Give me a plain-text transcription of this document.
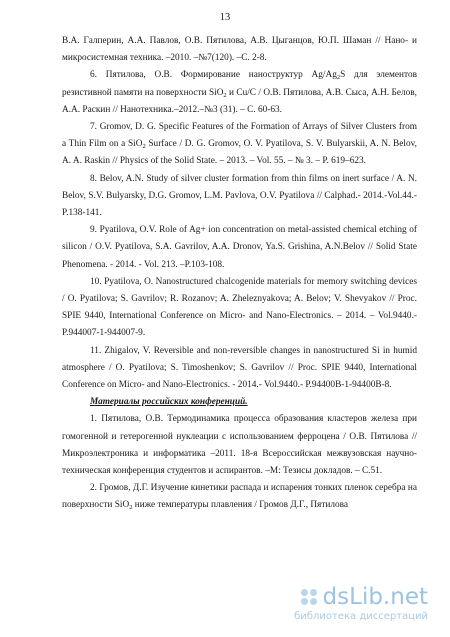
13

В.А. Галперин, А.А. Павлов, О.В. Пятилова, А.В. Цыганцов, Ю.П. Шаман // Нано- и микросистемная техника. –2010. –№7(120). –С. 2-8.

6. Пятилова, О.В. Формирование наноструктур $Ag/Ag_2S$ для элементов резистивной памяти на поверхности SiO$_2$ и Cu/C / О.В. Пятилова, А.В. Сыса, А.Н. Белов, А.А. Раскин // Нанотехника.–2012.–№3 (31). – С. 60-63.

7. Gromov, D. G. Specific Features of the Formation of Arrays of Silver Clusters from a Thin Film on a SiO$_2$ Surface / D. G. Gromov, O. V. Pyatilova, S. V. Bulyarskii, A. N. Belov, A. A. Raskin // Physics of the Solid State. – 2013. – Vol. 55. – № 3. – P. 619–623.

8. Belov, A.N. Study of silver cluster formation from thin films on inert surface / A. N. Belov, S.V. Bulyarsky, D.G. Gromov, L.M. Pavlova, O.V. Pyatilova // Calphad.- 2014.-Vol.44.-P.138-141.

9. Pyatilova, O.V. Role of Ag+ ion concentration on metal-assisted chemical etching of silicon / O.V. Pyatilova, S.A. Gavrilov, A.A. Dronov, Ya.S. Grishina, A.N.Belov // Solid State Phenomena. - 2014. - Vol. 213. –P.103-108.

10. Pyatilova, O. Nanostructured chalcogenide materials for memory switching devices / O. Pyatilova; S. Gavrilov; R. Rozanov; A. Zheleznyakova; A. Belov; V. Shevyakov // Proc. SPIE 9440, International Conference on Micro- and Nano-Electronics. – 2014. – Vol.9440.- P.944007-1-944007-9.

11. Zhigalov, V. Reversible and non-reversible changes in nanostructured Si in humid atmosphere / O. Pyatilova; S. Timoshenkov; S. Gavrilov // Proc. SPIE 9440, International Conference on Micro- and Nano-Electronics. - 2014.- Vol.9440.- P.94400B-1-94400B-8.

Материалы российских конференций.

1. Пятилова, О.В. Термодинамика процесса образования кластеров железа при гомогенной и гетерогенной нуклеации с использованием ферроцена / О.В. Пятилова // Микроэлектроника и информатика –2011. 18-я Всероссийская межвузовская научно-техническая конференция студентов и аспирантов. –М: Тезисы докладов. – С.51.

2. Громов, Д.Г. Изучение кинетики распада и испарения тонких пленок серебра на поверхности SiO$_2$ ниже температуры плавления / Громов Д.Г., Пятилова

dsLib.net
библиотека диссертаций
